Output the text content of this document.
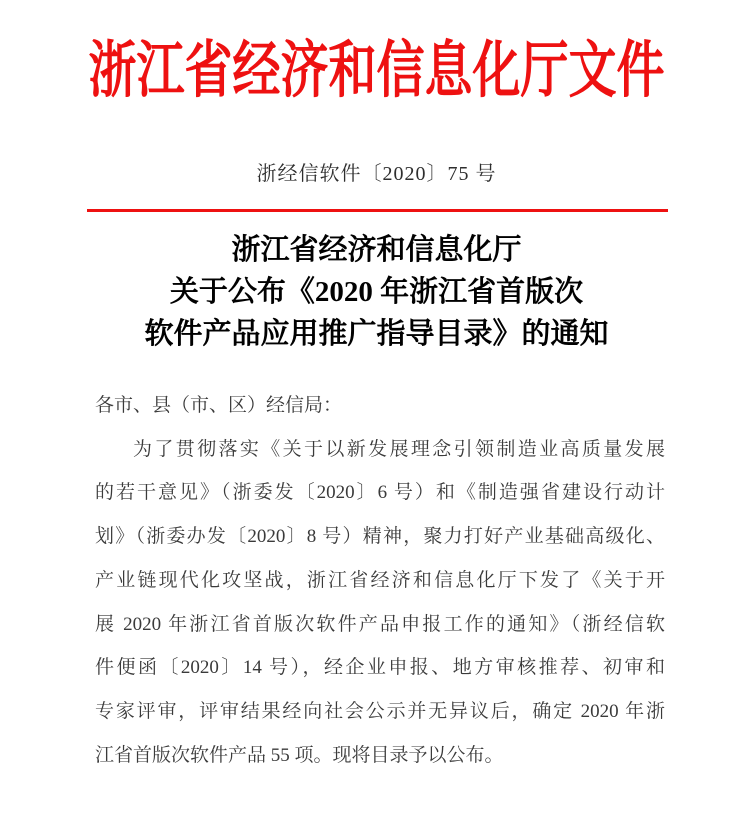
浙江省经济和信息化厅文件
浙经信软件〔2020〕75 号
浙江省经济和信息化厅
关于公布《2020 年浙江省首版次
软件产品应用推广指导目录》的通知
各市、县（市、区）经信局：
为了贯彻落实《关于以新发展理念引领制造业高质量发展
的若干意见》（浙委发〔2020〕6 号）和《制造强省建设行动计
划》（浙委办发〔2020〕8 号）精神，聚力打好产业基础高级化、
产业链现代化攻坚战，浙江省经济和信息化厅下发了《关于开
展 2020 年浙江省首版次软件产品申报工作的通知》（浙经信软
件便函〔2020〕14 号），经企业申报、地方审核推荐、初审和
专家评审，评审结果经向社会公示并无异议后，确定 2020 年浙
江省首版次软件产品 55 项。现将目录予以公布。
